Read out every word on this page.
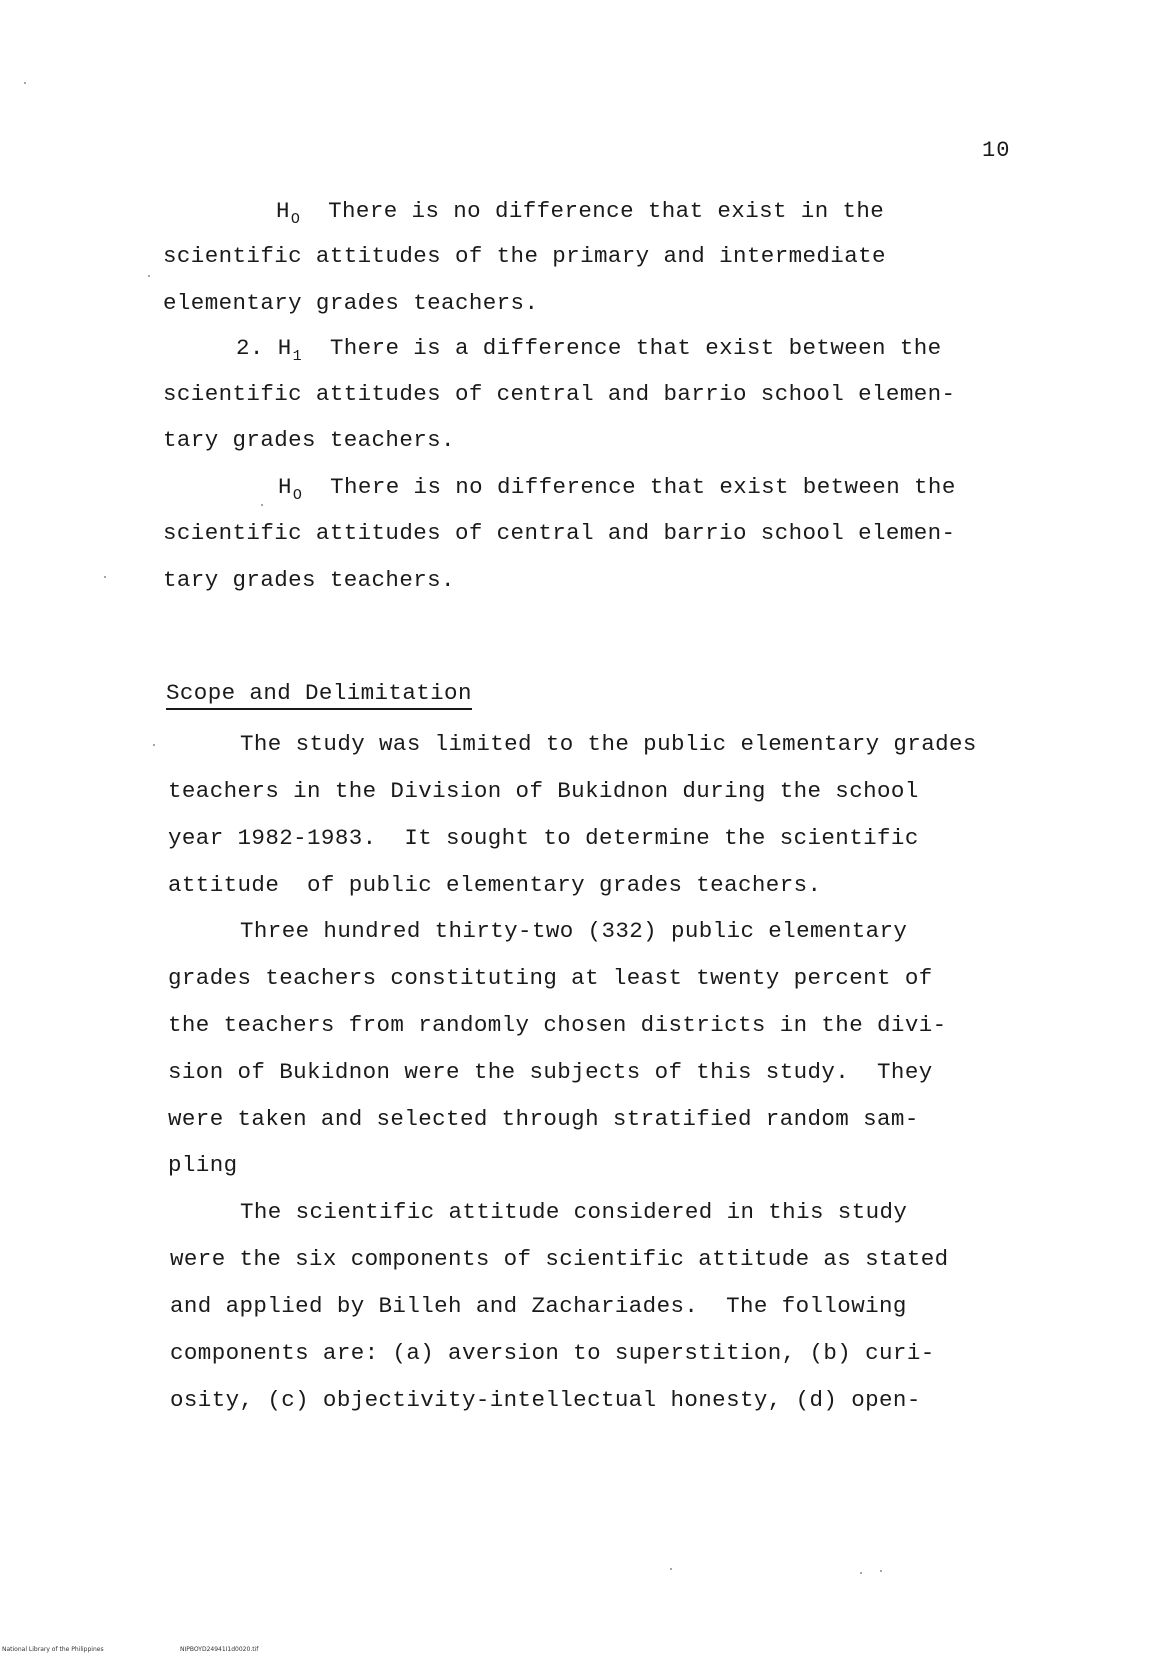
10
$H_O$ There is no difference that exist in the
scientific attitudes of the primary and intermediate
elementary grades teachers.
2. $H_1$ There is a difference that exist between the
scientific attitudes of central and barrio school elemen-
tary grades teachers.
$H_O$ There is no difference that exist between the
scientific attitudes of central and barrio school elemen-
tary grades teachers.
Scope and Delimitation
The study was limited to the public elementary grades
teachers in the Division of Bukidnon during the school
year 1982-1983.  It sought to determine the scientific
attitude  of public elementary grades teachers.
Three hundred thirty-two (332) public elementary
grades teachers constituting at least twenty percent of
the teachers from randomly chosen districts in the divi-
sion of Bukidnon were the subjects of this study.  They
were taken and selected through stratified random sam-
pling
The scientific attitude considered in this study
were the six components of scientific attitude as stated
and applied by Billeh and Zachariades.  The following
components are: (a) aversion to superstition, (b) curi-
osity, (c) objectivity-intellectual honesty, (d) open-
National Library of the Philippines	NIPBOYD24941I1d0020.tif
